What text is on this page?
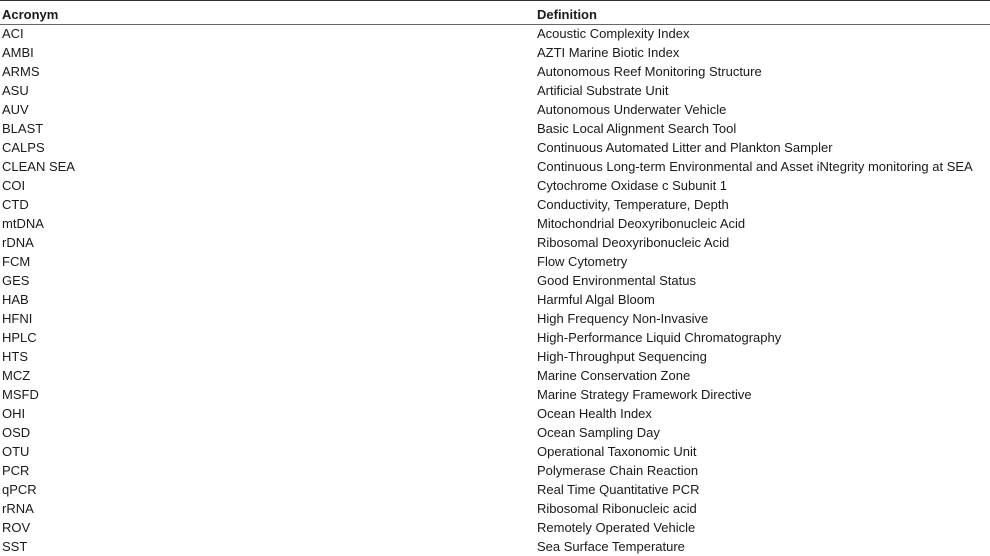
Acronym	Definition
ACI	Acoustic Complexity Index
AMBI	AZTI Marine Biotic Index
ARMS	Autonomous Reef Monitoring Structure
ASU	Artificial Substrate Unit
AUV	Autonomous Underwater Vehicle
BLAST	Basic Local Alignment Search Tool
CALPS	Continuous Automated Litter and Plankton Sampler
CLEAN SEA	Continuous Long-term Environmental and Asset iNtegrity monitoring at SEA
COI	Cytochrome Oxidase c Subunit 1
CTD	Conductivity, Temperature, Depth
mtDNA	Mitochondrial Deoxyribonucleic Acid
rDNA	Ribosomal Deoxyribonucleic Acid
FCM	Flow Cytometry
GES	Good Environmental Status
HAB	Harmful Algal Bloom
HFNI	High Frequency Non-Invasive
HPLC	High-Performance Liquid Chromatography
HTS	High-Throughput Sequencing
MCZ	Marine Conservation Zone
MSFD	Marine Strategy Framework Directive
OHI	Ocean Health Index
OSD	Ocean Sampling Day
OTU	Operational Taxonomic Unit
PCR	Polymerase Chain Reaction
qPCR	Real Time Quantitative PCR
rRNA	Ribosomal Ribonucleic acid
ROV	Remotely Operated Vehicle
SST	Sea Surface Temperature
